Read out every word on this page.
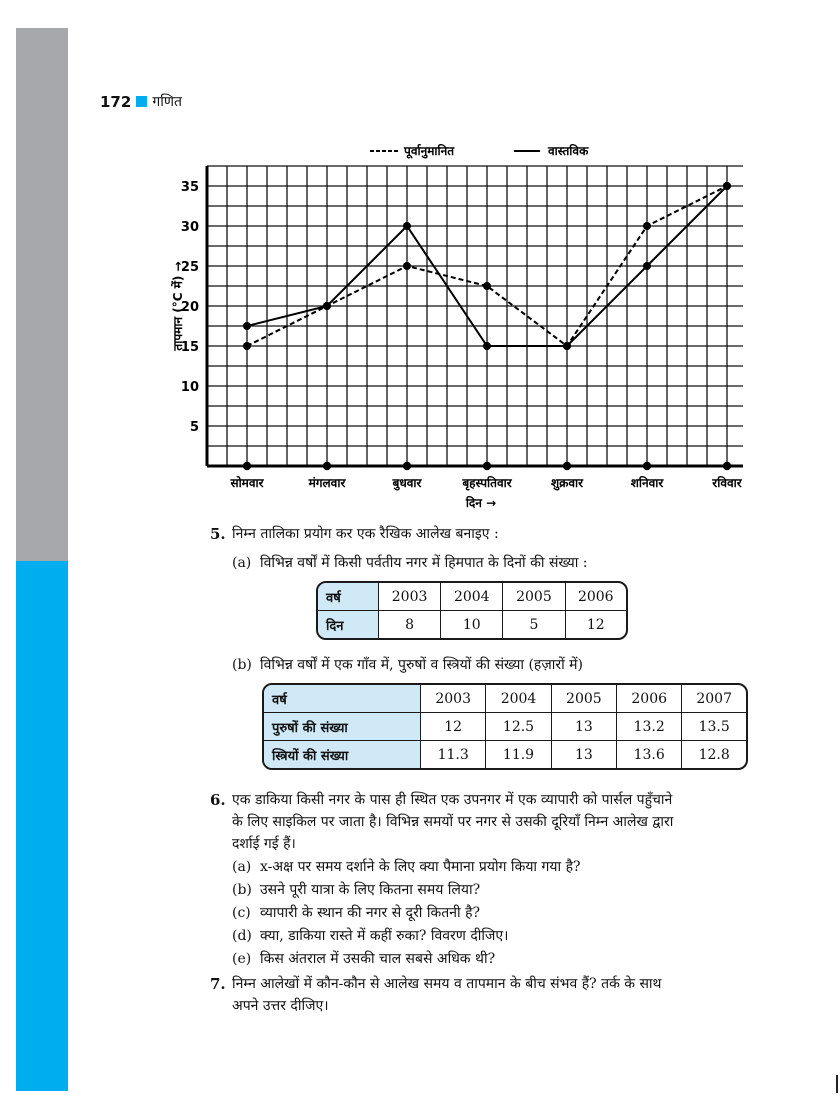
172 गणित
5
10
15
20
25
30
35
सोमवार	मंगलवार	बुधवार	बृहस्पतिवार	शुक्रवार	शनिवार	रविवार
दिन →
तापमान (°C में) →
पूर्वानुमानित	वास्तविक
5. निम्न तालिका प्रयोग कर एक रैखिक आलेख बनाइए :
(a) विभिन्न वर्षों में किसी पर्वतीय नगर में हिमपात के दिनों की संख्या :
वर्ष	2003	2004	2005	2006
दिन	8	10	5	12
(b) विभिन्न वर्षों में एक गाँव में, पुरुषों व स्त्रियों की संख्या (हज़ारों में)
वर्ष	2003	2004	2005	2006	2007
पुरुषों की संख्या	12	12.5	13	13.2	13.5
स्त्रियों की संख्या	11.3	11.9	13	13.6	12.8
6. एक डाकिया किसी नगर के पास ही स्थित एक उपनगर में एक व्यापारी को पार्सल पहुँचाने
के लिए साइकिल पर जाता है। विभिन्न समयों पर नगर से उसकी दूरियाँ निम्न आलेख द्वारा
दर्शाई गई हैं।
(a) x-अक्ष पर समय दर्शाने के लिए क्या पैमाना प्रयोग किया गया है?
(b) उसने पूरी यात्रा के लिए कितना समय लिया?
(c) व्यापारी के स्थान की नगर से दूरी कितनी है?
(d) क्या, डाकिया रास्ते में कहीं रुका? विवरण दीजिए।
(e) किस अंतराल में उसकी चाल सबसे अधिक थी?
7. निम्न आलेखों में कौन-कौन से आलेख समय व तापमान के बीच संभव हैं? तर्क के साथ
अपने उत्तर दीजिए।
